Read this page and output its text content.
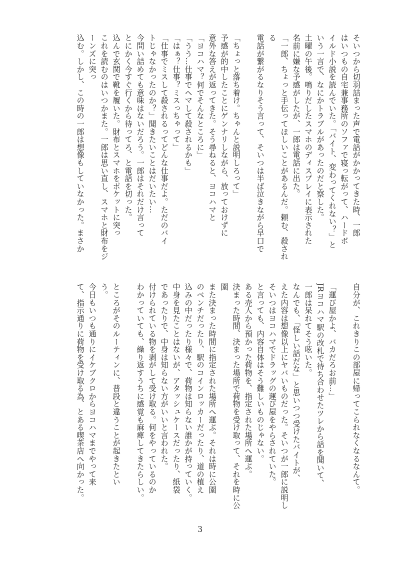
そいつから切羽詰まった声で電話がかかってきた時、一郎
はいつもの自宅兼事務所のソファで寝っ転がって、ハードボ
イルド小説を読んでいた。「バイト、変わってくれない？」と
いう一言で、なにかトラブルがあったのだと察した。
土曜の午後。鳴りだしたスマホのディスプレイに表示された
名前に嫌な予感がしたが、一郎は電話に出た。
「一郎、ちょっと手伝ってほしいことがあるんだ。頼む、殺される
電話が繋がるなりそう言って、そいつは半ば泣きながら早口で

「ちょっと落ち着け。ちゃんと説明しろって」
予感が的中したことにゲンナリしながら、放っておけずに
意外な答えが返ってきた。そう尋ねると、ヨコハマと
「ヨコハマ？何でそんなところに」
「うう…仕事でヘマして殺されるかも」
「はぁ？仕事？ミスっちゃって」
「仕事でミスして殺されるってどんな仕事だよ。ただのバイ
トじゃなかったのか？」聞きたいことはだいたい…
今問い詰めても意味はないだろう。一郎はそれだけ言って
とにかく今すぐ行くから待ってろ、と電話を切った。
込んで玄関で靴を履いた。財布とスマホをポケットに突っ
これを読むのはいつかまた。一郎は思い直し、スマホと財布をジーンズに突っ
込む。しかし、この時の一郎は想像もしていなかった。まさか
自分が、これきりこの部屋に帰ってこられなくなるなんて。

「運び屋かよ、バカだろお前…」
JRヨコハマ駅の改札で待ち合わせたツレから話を聞いて、
一郎は呆れてそう呟いた。
なんでも、「怪しい話だな」と思いつつ受けたバイトが、
えた内容は想像以上にヤバいものだった。そいつが一郎に説明し
そいつはヨコハマでドラッグの運び屋をやらされていた。
と言っても、内容自体はそう難しいものじゃない。
ある売人から預かった荷物を、指定された場所へ運ぶ。
決まった時間、決まった場所で荷物を受け取って、それを時に公園
また決まった時間に指定された場所へ運ぶ。それは時に公園
のベンチだったり、駅のコインロッカーだったり、道の植え
込みの中だったり様々で、荷物は知らない誰かが持っていく。
中身を見たことはないが、アタッシュケースだったり、紙袋
であったりで、中身は知らない方がいいと言われた。
付けられている物を剥がして受け取る。何をやっているのか
わかっていても、繰り返すうちに感覚も麻痺してきたらしい。

ところがそのルーティンに、普段と違うことが起きたとい
う。
今日もいつも通りにイケブクロからヨコハマまでやって来
て、指示通りに荷物を受け取る為、とある喫茶店へ向かった。
3
